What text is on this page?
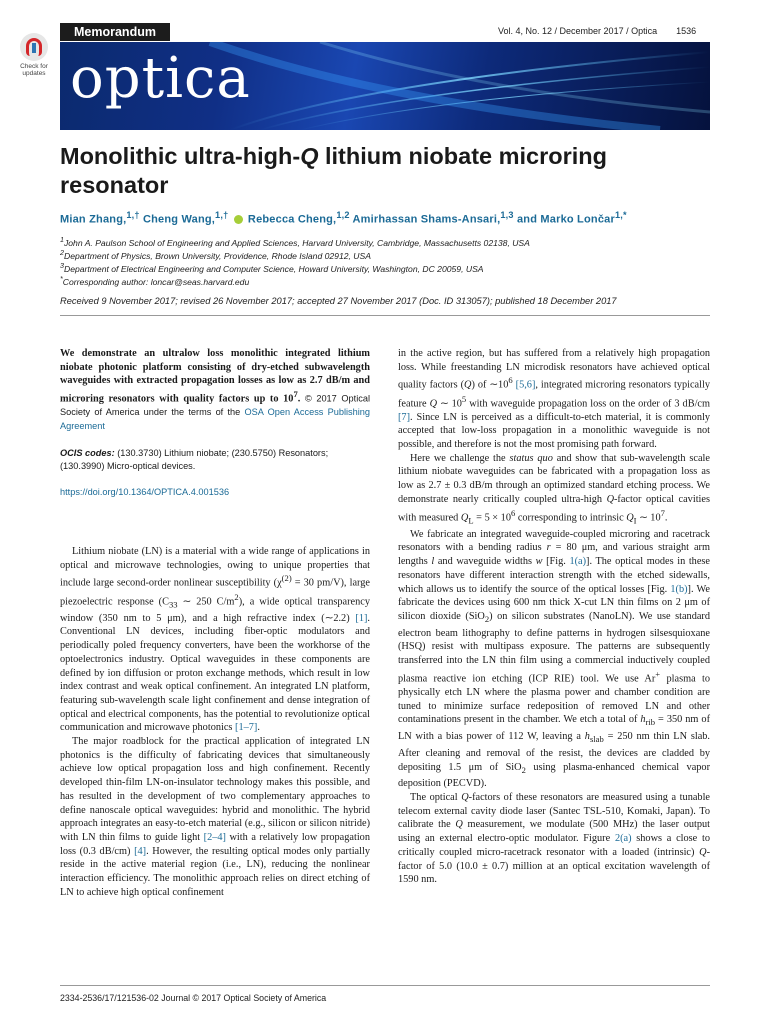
Check for
updates
Memorandum	Vol. 4, No. 12 / December 2017 / Optica 1536
optica
Monolithic ultra-high-Q lithium niobate microring
resonator
Mian Zhang,$^{1,\dagger}$ Cheng Wang,$^{1,\dagger}$ Rebecca Cheng,$^{1,2}$ Amirhassan Shams-Ansari,$^{1,3}$ and Marko Lončar$^{1,*}$
$^1$John A. Paulson School of Engineering and Applied Sciences, Harvard University, Cambridge, Massachusetts 02138, USA
$^2$Department of Physics, Brown University, Providence, Rhode Island 02912, USA
$^3$Department of Electrical Engineering and Computer Science, Howard University, Washington, DC 20059, USA
*Corresponding author: loncar@seas.harvard.edu
Received 9 November 2017; revised 26 November 2017; accepted 27 November 2017 (Doc. ID 313057); published 18 December 2017
We demonstrate an ultralow loss monolithic integrated lithium niobate photonic platform consisting of dry-etched subwavelength waveguides with extracted propagation losses as low as 2.7 dB/m and microring resonators with quality factors up to $10^7$. © 2017 Optical Society of America under the terms of the OSA Open Access Publishing Agreement
OCIS codes: (130.3730) Lithium niobate; (230.5750) Resonators; (130.3990) Micro-optical devices.
https://doi.org/10.1364/OPTICA.4.001536

Lithium niobate (LN) is a material with a wide range of applications in optical and microwave technologies, owing to unique properties that include large second-order nonlinear susceptibility ($\chi^{(2)} = 30$ pm/V), large piezoelectric response ($C_{33}$ ∼ 250 $C/m^2$), a wide optical transparency window (350 nm to 5 μm), and a high refractive index (∼2.2) [1]. Conventional LN devices, including fiber-optic modulators and periodically poled frequency converters, have been the workhorse of the optoelectronics industry. Optical waveguides in these components are defined by ion diffusion or proton exchange methods, which result in low index contrast and weak optical confinement. An integrated LN platform, featuring sub-wavelength scale light confinement and dense integration of optical and electrical components, has the potential to revolutionize optical communication and microwave photonics [1–7].

The major roadblock for the practical application of integrated LN photonics is the difficulty of fabricating devices that simultaneously achieve low optical propagation loss and high confinement. Recently developed thin-film LN-on-insulator technology makes this possible, and has resulted in the development of two complementary approaches to define nanoscale optical waveguides: hybrid and monolithic. The hybrid approach integrates an easy-to-etch material (e.g., silicon or silicon nitride) with LN thin films to guide light [2–4] with a relatively low propagation loss (0.3 dB/cm) [4]. However, the resulting optical modes only partially reside in the active material region (i.e., LN), reducing the nonlinear interaction efficiency. The monolithic approach relies on direct etching of LN to achieve high optical confinement

in the active region, but has suffered from a relatively high propagation loss. While freestanding LN microdisk resonators have achieved optical quality factors (Q) of $\sim 10^6$ [5,6], integrated microring resonators typically feature Q ∼ $10^5$ with waveguide propagation loss on the order of 3 dB/cm [7]. Since LN is perceived as a difficult-to-etch material, it is commonly accepted that low-loss propagation in a monolithic waveguide is not possible, and therefore is not the most promising path forward.

Here we challenge the status quo and show that sub-wavelength scale lithium niobate waveguides can be fabricated with a propagation loss as low as 2.7 ± 0.3 dB/m through an optimized standard etching process. We demonstrate nearly critically coupled ultra-high Q-factor optical cavities with measured $Q_L = 5 \times 10^6$ corresponding to intrinsic $Q_I$ ∼ $10^7$.

We fabricate an integrated waveguide-coupled microring and racetrack resonators with a bending radius r = 80 μm, and various straight arm lengths l and waveguide widths w [Fig. 1(a)]. The optical modes in these resonators have different interaction strength with the etched sidewalls, which allows us to identify the source of the optical losses [Fig. 1(b)]. We fabricate the devices using 600 nm thick X-cut LN thin films on 2 μm of silicon dioxide (SiO$_2$) on silicon substrates (NanoLN). We use standard electron beam lithography to define patterns in hydrogen silsesquioxane (HSQ) resist with multipass exposure. The patterns are subsequently transferred into the LN thin film using a commercial inductively coupled plasma reactive ion etching (ICP RIE) tool. We use Ar+ plasma to physically etch LN where the plasma power and chamber condition are tuned to minimize surface redeposition of removed LN and other contaminations present in the chamber. We etch a total of $h_{rib} = 350$ nm of LN with a bias power of 112 W, leaving a $h_{slab} = 250$ nm thin LN slab. After cleaning and removal of the resist, the devices are cladded by depositing 1.5 μm of SiO$_2$ using plasma-enhanced chemical vapor deposition (PECVD).

The optical Q-factors of these resonators are measured using a tunable telecom external cavity diode laser (Santec TSL-510, Komaki, Japan). To calibrate the Q measurement, we modulate (500 MHz) the laser output using an external electro-optic modulator. Figure 2(a) shows a close to critically coupled micro-racetrack resonator with a loaded (intrinsic) Q-factor of 5.0 (10.0 ± 0.7) million at an optical excitation wavelength of 1590 nm.

2334-2536/17/121536-02 Journal © 2017 Optical Society of America
